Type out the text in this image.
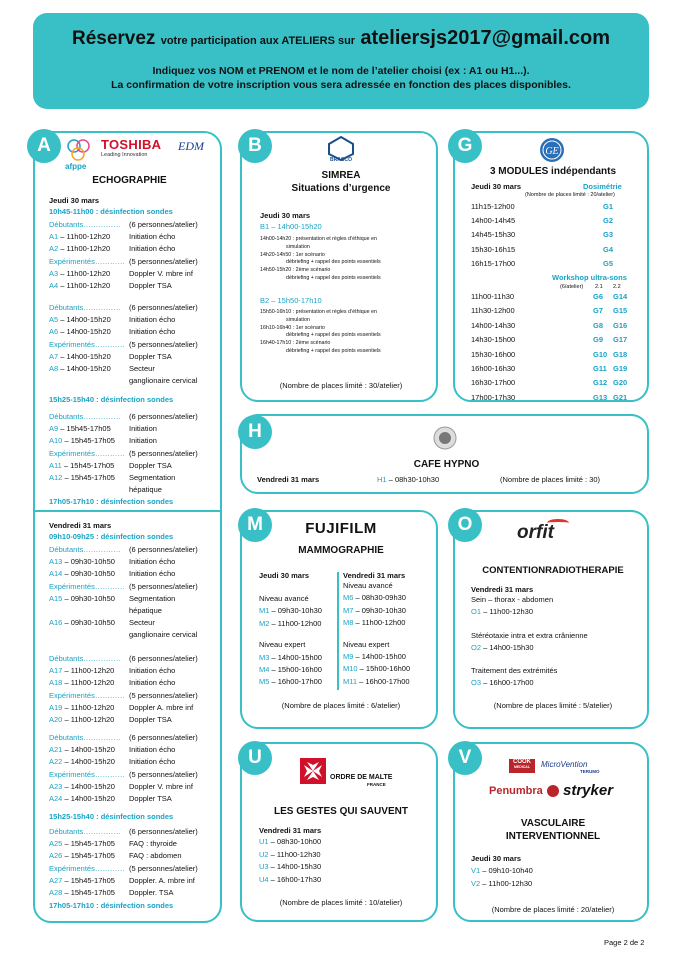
Réservez votre participation aux ATELIERS sur ateliersjs2017@gmail.com
Indiquez vos NOM et PRENOM et le nom de l’atelier choisi (ex : A1 ou H1...).
La confirmation de votre inscription vous sera adressée en fonction des places disponibles.
afppe
TOSHIBA
Leading Innovation
EDM
ECHOGRAPHIE
Jeudi 30 mars
10h45-11h00 : désinfection sondes
Débutants…………… (6 personnes/atelier)
A1 – 11h00-12h20	Initiation écho
A2 – 11h00-12h20	Initiation écho
Expérimentés………… (5 personnes/atelier)
A3 – 11h00-12h20	Doppler V. mbre inf
A4 – 11h00-12h20	Doppler TSA
Débutants…………… (6 personnes/atelier)
A5 – 14h00-15h20 Initiation écho
A6 – 14h00-15h20 Initiation écho
Expérimentés………… (5 personnes/atelier)
A7 – 14h00-15h20 Doppler TSA
A8 – 14h00-15h20 Secteur
ganglionaire cervical
15h25-15h40 : désinfection sondes
Débutants…………… (6 personnes/atelier)
A9 – 15h45-17h05 Initiation
A10 – 15h45-17h05 Initiation
Expérimentés………… (5 personnes/atelier)
A11 – 15h45-17h05 Doppler TSA
A12 – 15h45-17h05 Segmentation
hépatique
17h05-17h10 : désinfection sondes
Vendredi 31 mars
09h10-09h25 : désinfection sondes
Débutants…………… (6 personnes/atelier)
A13 – 09h30-10h50 Initiation écho
A14 – 09h30-10h50 Initiation écho
Expérimentés………… (5 personnes/atelier)
A15 – 09h30-10h50 Segmentation
hépatique
A16 – 09h30-10h50 Secteur
ganglionaire cervical
Débutants…………… (6 personnes/atelier)
A17 – 11h00-12h20 Initiation écho
A18 – 11h00-12h20 Initiation écho
Expérimentés………… (5 personnes/atelier)
A19 – 11h00-12h20 Doppler A. mbre inf
A20 – 11h00-12h20 Doppler TSA
Débutants…………… (6 personnes/atelier)
A21 – 14h00-15h20 Initiation écho
A22 – 14h00-15h20 Initiation écho
Expérimentés………… (5 personnes/atelier)
A23 – 14h00-15h20 Doppler V. mbre inf
A24 – 14h00-15h20 Doppler TSA
15h25-15h40 : désinfection sondes
Débutants…………… (6 personnes/atelier)
A25 – 15h45-17h05 FAQ : thyroide
A26 – 15h45-17h05 FAQ : abdomen
Expérimentés………… (5 personnes/atelier)
A27 – 15h45-17h05 Doppler. A. mbre inf
A28 – 15h45-17h05 Doppler. TSA
17h05-17h10 : désinfection sondes
A
BRACCO
SIMREA
Situations d’urgence
Jeudi 30 mars
B1 – 14h00-15h20
14h00-14h20 : présentation et règles d’éthique en
simulation
14h20-14h50 : 1er scénario
débriefing + rappel des points essentiels
14h50-15h20 : 2ème scénario
débriefing + rappel des points essentiels
B2 – 15h50-17h10
15h50-16h10 : présentation et règles d’éthique en
simulation
16h10-16h40 : 1er scénario
débriefing + rappel des points essentiels
16h40-17h10 : 2ème scénario
débriefing + rappel des points essentiels
(Nombre de places limité : 30/atelier)
B	GE
3 MODULES indépendants
Jeudi 30 mars	Dosimétrie
(Nombre de places limité : 20/atelier)
11h15-12h00	G1
14h00-14h45	G2
14h45-15h30	G3
15h30-16h15	G4
16h15-17h00	G5
Workshop ultra-sons
(6/atelier) 2.1 2.2
11h00-11h30	G6 G14
11h30-12h00	G7 G15
14h00-14h30	G8 G16
14h30-15h00	G9 G17
15h30-16h00	G10 G18
16h00-16h30	G11 G19
16h30-17h00	G12 G20
17h00-17h30	G13 G21
G
CAFE HYPNO
Vendredi 31 mars	H1 – 08h30-10h30	(Nombre de places limité : 30)
H
FUJIFILM
MAMMOGRAPHIE
Jeudi 30 mars	Vendredi 31 mars
Niveau avancé
M1 – 09h30-10h30
M2 – 11h00-12h00
Niveau expert
M3 – 14h00-15h00
M4 – 15h00-16h00
M5 – 16h00-17h00
Niveau avancé
M6 – 08h30-09h30
M7 – 09h30-10h30
M8 – 11h00-12h00
Niveau expert
M9 – 14h00-15h00
M10 – 15h00-16h00
M11 – 16h00-17h00
(Nombre de places limité : 6/atelier)
M	orfit
CONTENTIONRADIOTHERAPIE
Vendredi 31 mars
Sein – thorax - abdomen
O1 – 11h00-12h30
Stéréotaxie intra et extra crânienne
O2 – 14h00-15h30
Traitement des extrémités
O3 – 16h00-17h00
(Nombre de places limité : 5/atelier)
O
ORDRE DE MALTE
FRANCE
LES GESTES QUI SAUVENT
Vendredi 31 mars
U1 – 08h30-10h00
U2 – 11h00-12h30
U3 – 14h00-15h30
U4 – 16h00-17h30
(Nombre de places limité : 10/atelier)
U	COOK
MEDICAL	MicroVention
TERUMO
Penumbra stryker
VASCULAIRE
INTERVENTIONNEL
Jeudi 30 mars
V1 – 09h10-10h40
V2 – 11h00-12h30
(Nombre de places limité : 20/atelier)
V
Page 2 de 2
